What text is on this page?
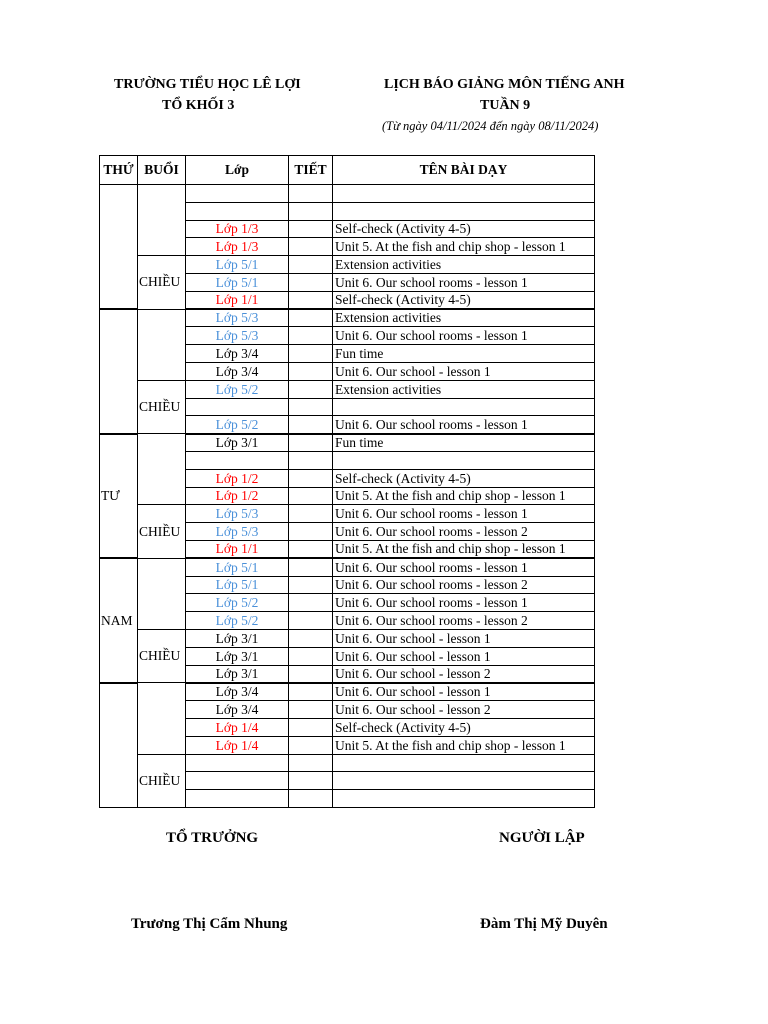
TRƯỜNG TIỂU HỌC LÊ LỢI
TỔ KHỐI 3
LỊCH BÁO GIẢNG MÔN TIẾNG ANH
TUẦN 9
(Từ ngày 04/11/2024 đến ngày 08/11/2024)
THỨ	BUỔI	Lớp	TIẾT	TÊN BÀI DẠY

		Lớp 1/3		Self-check (Activity 4-5)
		Lớp 1/3		Unit 5. At the fish and chip shop - lesson 1
	CHIỀU	Lớp 5/1		Extension activities
		Lớp 5/1		Unit 6. Our school rooms - lesson 1
		Lớp 1/1		Self-check (Activity 4-5)
		Lớp 5/3		Extension activities
		Lớp 5/3		Unit 6. Our school rooms - lesson 1
		Lớp 3/4		Fun time
		Lớp 3/4		Unit 6. Our school - lesson 1
	CHIỀU	Lớp 5/2		Extension activities

		Lớp 5/2		Unit 6. Our school rooms - lesson 1
TƯ		Lớp 3/1		Fun time

		Lớp 1/2		Self-check (Activity 4-5)
		Lớp 1/2		Unit 5. At the fish and chip shop - lesson 1
	CHIỀU	Lớp 5/3		Unit 6. Our school rooms - lesson 1
		Lớp 5/3		Unit 6. Our school rooms - lesson 2
		Lớp 1/1		Unit 5. At the fish and chip shop - lesson 1
NAM		Lớp 5/1		Unit 6. Our school rooms - lesson 1
		Lớp 5/1		Unit 6. Our school rooms - lesson 2
		Lớp 5/2		Unit 6. Our school rooms - lesson 1
		Lớp 5/2		Unit 6. Our school rooms - lesson 2
	CHIỀU	Lớp 3/1		Unit 6. Our school - lesson 1
		Lớp 3/1		Unit 6. Our school - lesson 1
		Lớp 3/1		Unit 6. Our school - lesson 2
		Lớp 3/4		Unit 6. Our school - lesson 1
		Lớp 3/4		Unit 6. Our school - lesson 2
		Lớp 1/4		Self-check (Activity 4-5)
		Lớp 1/4		Unit 5. At the fish and chip shop - lesson 1
	CHIỀU			

TỔ TRƯỞNG	NGƯỜI LẬP
Trương Thị Cẩm Nhung	Đàm Thị Mỹ Duyên
